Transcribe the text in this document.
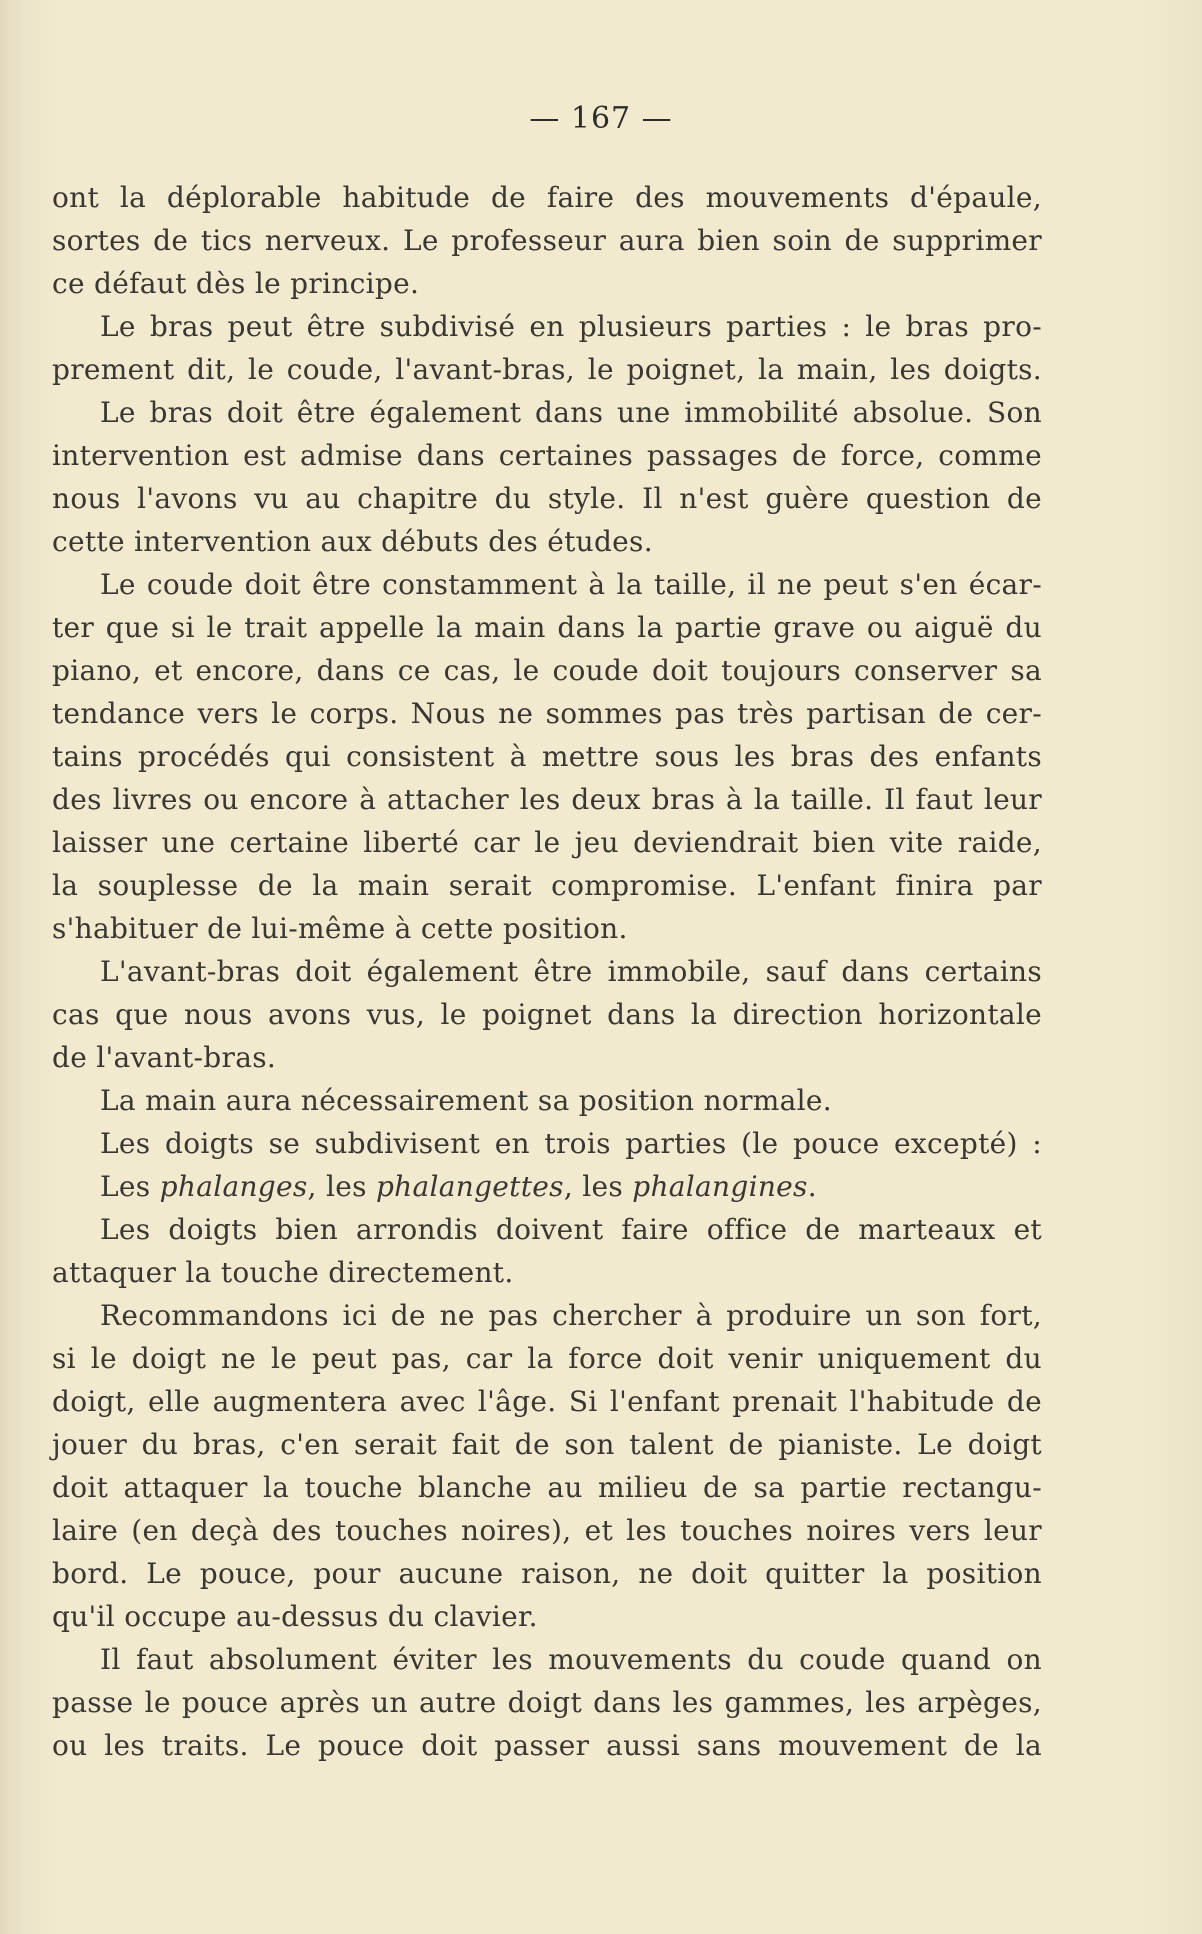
— 167 —
ont la déplorable habitude de faire des mouvements d'épaule,
sortes de tics nerveux. Le professeur aura bien soin de supprimer
ce défaut dès le principe.
Le bras peut être subdivisé en plusieurs parties : le bras pro-
prement dit, le coude, l'avant-bras, le poignet, la main, les doigts.
Le bras doit être également dans une immobilité absolue. Son
intervention est admise dans certaines passages de force, comme
nous l'avons vu au chapitre du style. Il n'est guère question de
cette intervention aux débuts des études.
Le coude doit être constamment à la taille, il ne peut s'en écar-
ter que si le trait appelle la main dans la partie grave ou aiguë du
piano, et encore, dans ce cas, le coude doit toujours conserver sa
tendance vers le corps. Nous ne sommes pas très partisan de cer-
tains procédés qui consistent à mettre sous les bras des enfants
des livres ou encore à attacher les deux bras à la taille. Il faut leur
laisser une certaine liberté car le jeu deviendrait bien vite raide,
la souplesse de la main serait compromise. L'enfant finira par
s'habituer de lui-même à cette position.
L'avant-bras doit également être immobile, sauf dans certains
cas que nous avons vus, le poignet dans la direction horizontale
de l'avant-bras.
La main aura nécessairement sa position normale.
Les doigts se subdivisent en trois parties (le pouce excepté) :
Les phalanges, les phalangettes, les phalangines.
Les doigts bien arrondis doivent faire office de marteaux et
attaquer la touche directement.
Recommandons ici de ne pas chercher à produire un son fort,
si le doigt ne le peut pas, car la force doit venir uniquement du
doigt, elle augmentera avec l'âge. Si l'enfant prenait l'habitude de
jouer du bras, c'en serait fait de son talent de pianiste. Le doigt
doit attaquer la touche blanche au milieu de sa partie rectangu-
laire (en deçà des touches noires), et les touches noires vers leur
bord. Le pouce, pour aucune raison, ne doit quitter la position
qu'il occupe au-dessus du clavier.
Il faut absolument éviter les mouvements du coude quand on
passe le pouce après un autre doigt dans les gammes, les arpèges,
ou les traits. Le pouce doit passer aussi sans mouvement de la
